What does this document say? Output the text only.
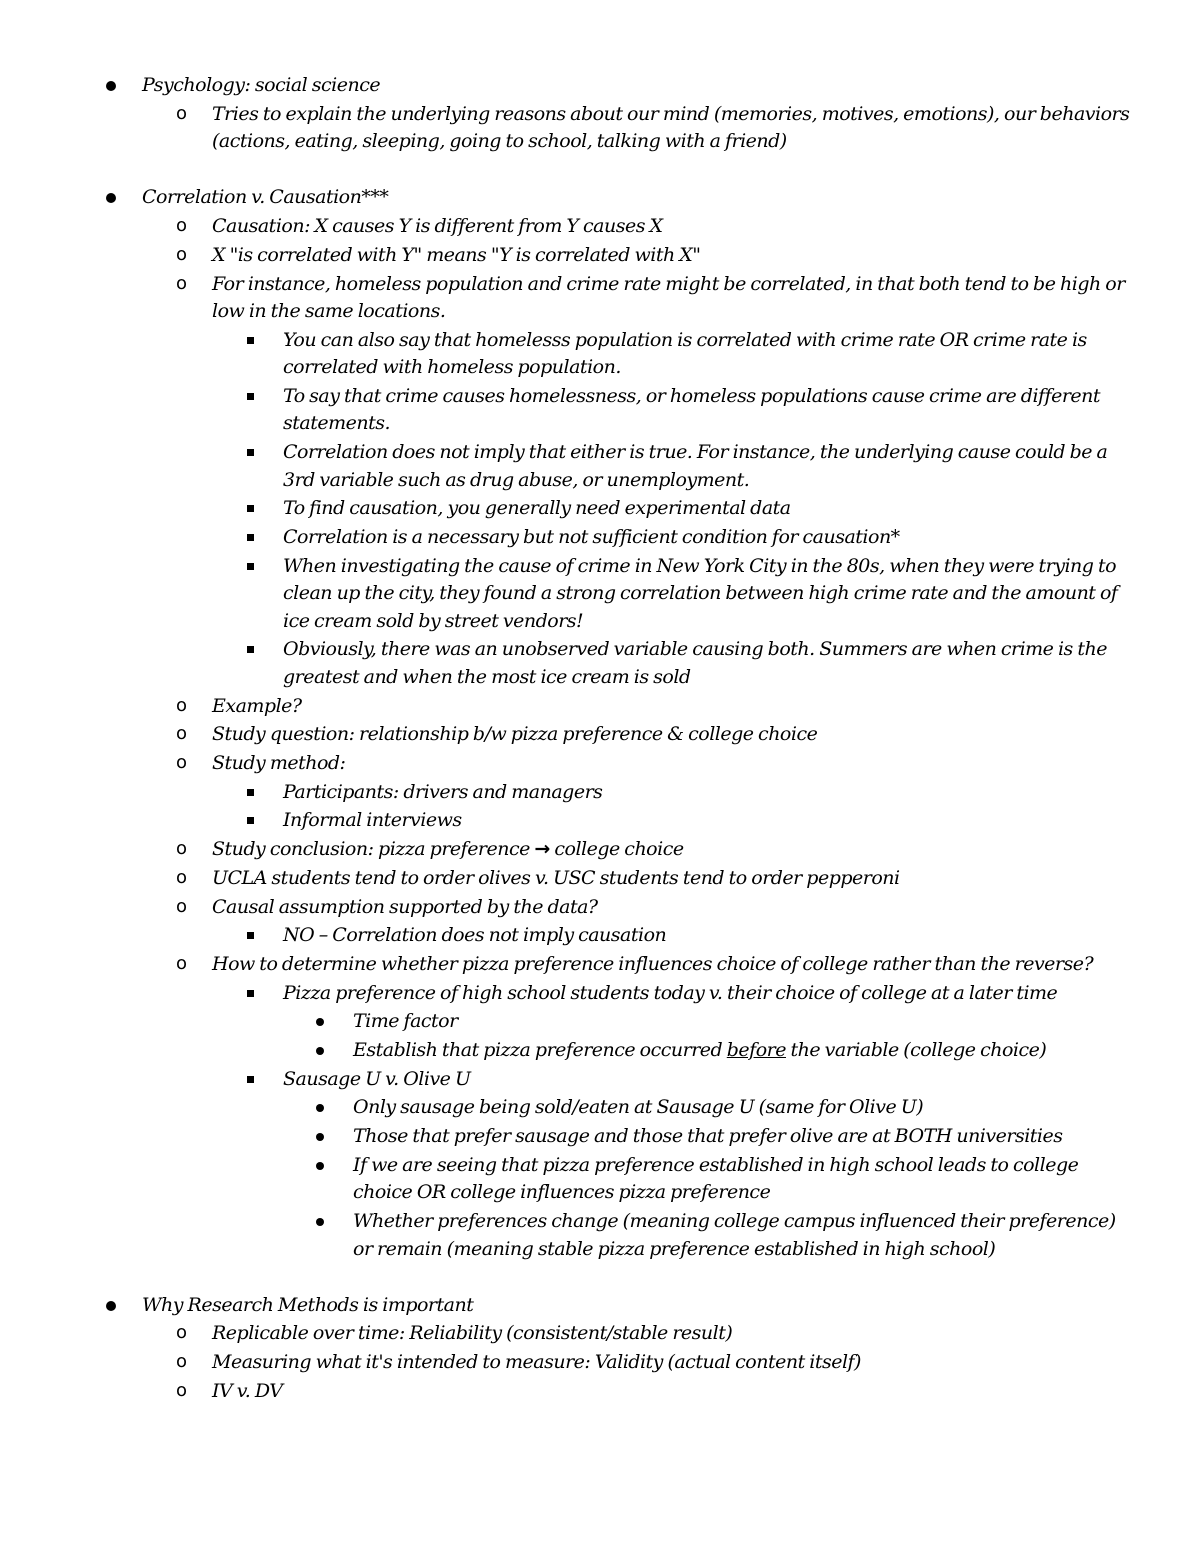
Psychology: social science
Tries to explain the underlying reasons about our mind (memories, motives, emotions), our behaviors (actions, eating, sleeping, going to school, talking with a friend)
o
Correlation v. Causation***
Causation: X causes Y is different from Y causes X
o
X "is correlated with Y" means "Y is correlated with X"
o
For instance, homeless population and crime rate might be correlated, in that both tend to be high or low in the same locations.
o
You can also say that homelesss population is correlated with crime rate OR crime rate is correlated with homeless population.
To say that crime causes homelessness, or homeless populations cause crime are different statements.
Correlation does not imply that either is true. For instance, the underlying cause could be a 3rd variable such as drug abuse, or unemployment.
To find causation, you generally need experimental data
Correlation is a necessary but not sufficient condition for causation*
When investigating the cause of crime in New York City in the 80s, when they were trying to clean up the city, they found a strong correlation between high crime rate and the amount of ice cream sold by street vendors!
Obviously, there was an unobserved variable causing both. Summers are when crime is the greatest and when the most ice cream is sold
Example?
o
Study question: relationship b/w pizza preference & college choice
o
Study method:
o
Participants: drivers and managers
Informal interviews
Study conclusion: pizza preference → college choice
o
UCLA students tend to order olives v. USC students tend to order pepperoni
o
Causal assumption supported by the data?
o
NO – Correlation does not imply causation
How to determine whether pizza preference influences choice of college rather than the reverse?
o
Pizza preference of high school students today v. their choice of college at a later time
Time factor
Establish that pizza preference occurred before the variable (college choice)
Sausage U v. Olive U
Only sausage being sold/eaten at Sausage U (same for Olive U)
Those that prefer sausage and those that prefer olive are at BOTH universities
If we are seeing that pizza preference established in high school leads to college choice OR college influences pizza preference
Whether preferences change (meaning college campus influenced their preference) or remain (meaning stable pizza preference established in high school)
Why Research Methods is important
Replicable over time: Reliability (consistent/stable result)
o
Measuring what it's intended to measure: Validity (actual content itself)
o
IV v. DV
o
